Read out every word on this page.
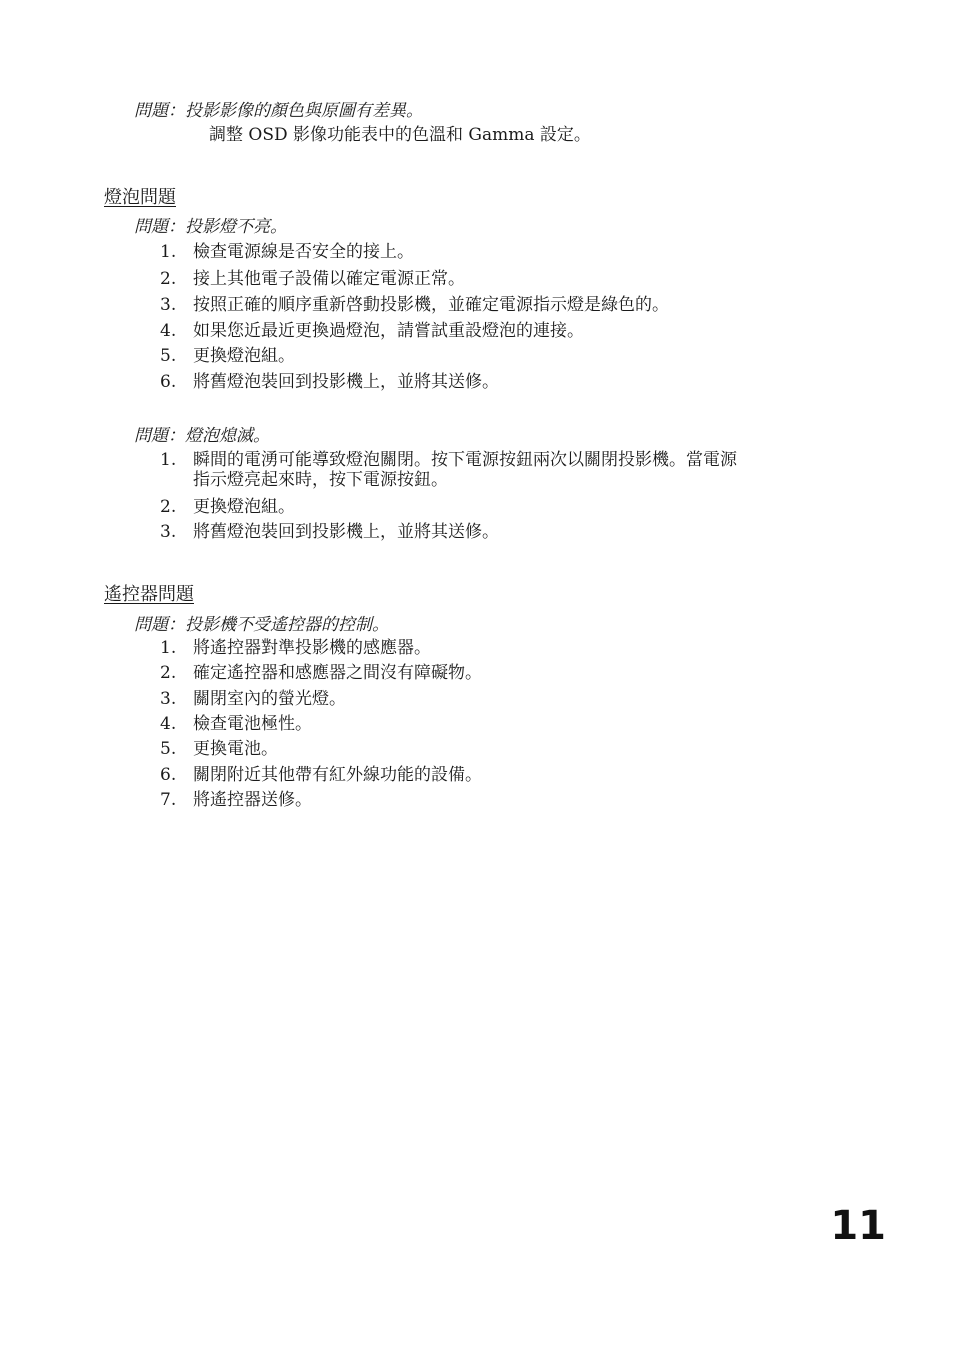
問題：投影影像的顏色與原圖有差異。
調整 OSD 影像功能表中的色溫和 Gamma 設定。
燈泡問題
問題：投影燈不亮。
1. 檢查電源線是否安全的接上。
2. 接上其他電子設備以確定電源正常。
3. 按照正確的順序重新啓動投影機，並確定電源指示燈是綠色的。
4. 如果您近最近更換過燈泡，請嘗試重設燈泡的連接。
5. 更換燈泡組。
6. 將舊燈泡裝回到投影機上，並將其送修。
問題：燈泡熄滅。
1. 瞬間的電湧可能導致燈泡關閉。按下電源按鈕兩次以關閉投影機。當電源
指示燈亮起來時，按下電源按鈕。
2. 更換燈泡組。
3. 將舊燈泡裝回到投影機上，並將其送修。
遙控器問題
問題：投影機不受遙控器的控制。
1. 將遙控器對準投影機的感應器。
2. 確定遙控器和感應器之間沒有障礙物。
3. 關閉室內的螢光燈。
4. 檢查電池極性。
5. 更換電池。
6. 關閉附近其他帶有紅外線功能的設備。
7. 將遙控器送修。
11
